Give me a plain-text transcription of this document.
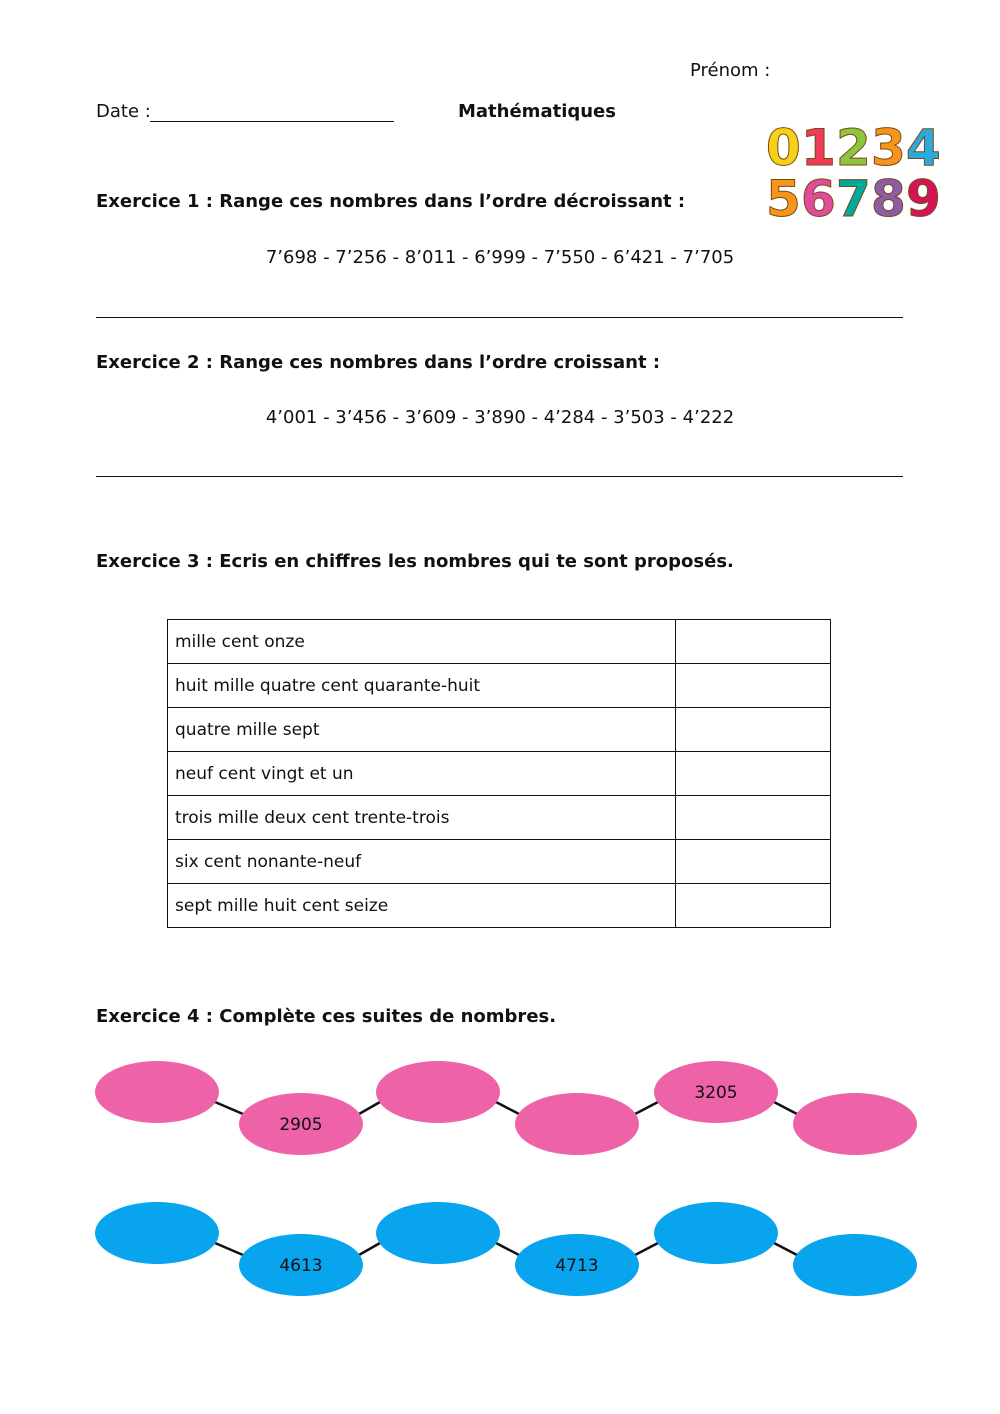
Prénom :
Date :	Mathématiques
0 1 2 3 4
5 6 7 8 9
Exercice 1 : Range ces nombres dans l’ordre décroissant :
7’698 - 7’256 - 8’011 - 6’999 - 7’550 - 6’421 - 7’705
Exercice 2 : Range ces nombres dans l’ordre croissant :
4’001 - 3’456 - 3’609 - 3’890 - 4’284 - 3’503 - 4’222
Exercice 3 : Ecris en chiffres les nombres qui te sont proposés.
mille cent onze	
huit mille quatre cent quarante-huit	
quatre mille sept	
neuf cent vingt et un	
trois mille deux cent trente-trois	
six cent nonante-neuf	
sept mille huit cent seize	
Exercice 4 : Complète ces suites de nombres.
2905
3205
4613	4713
